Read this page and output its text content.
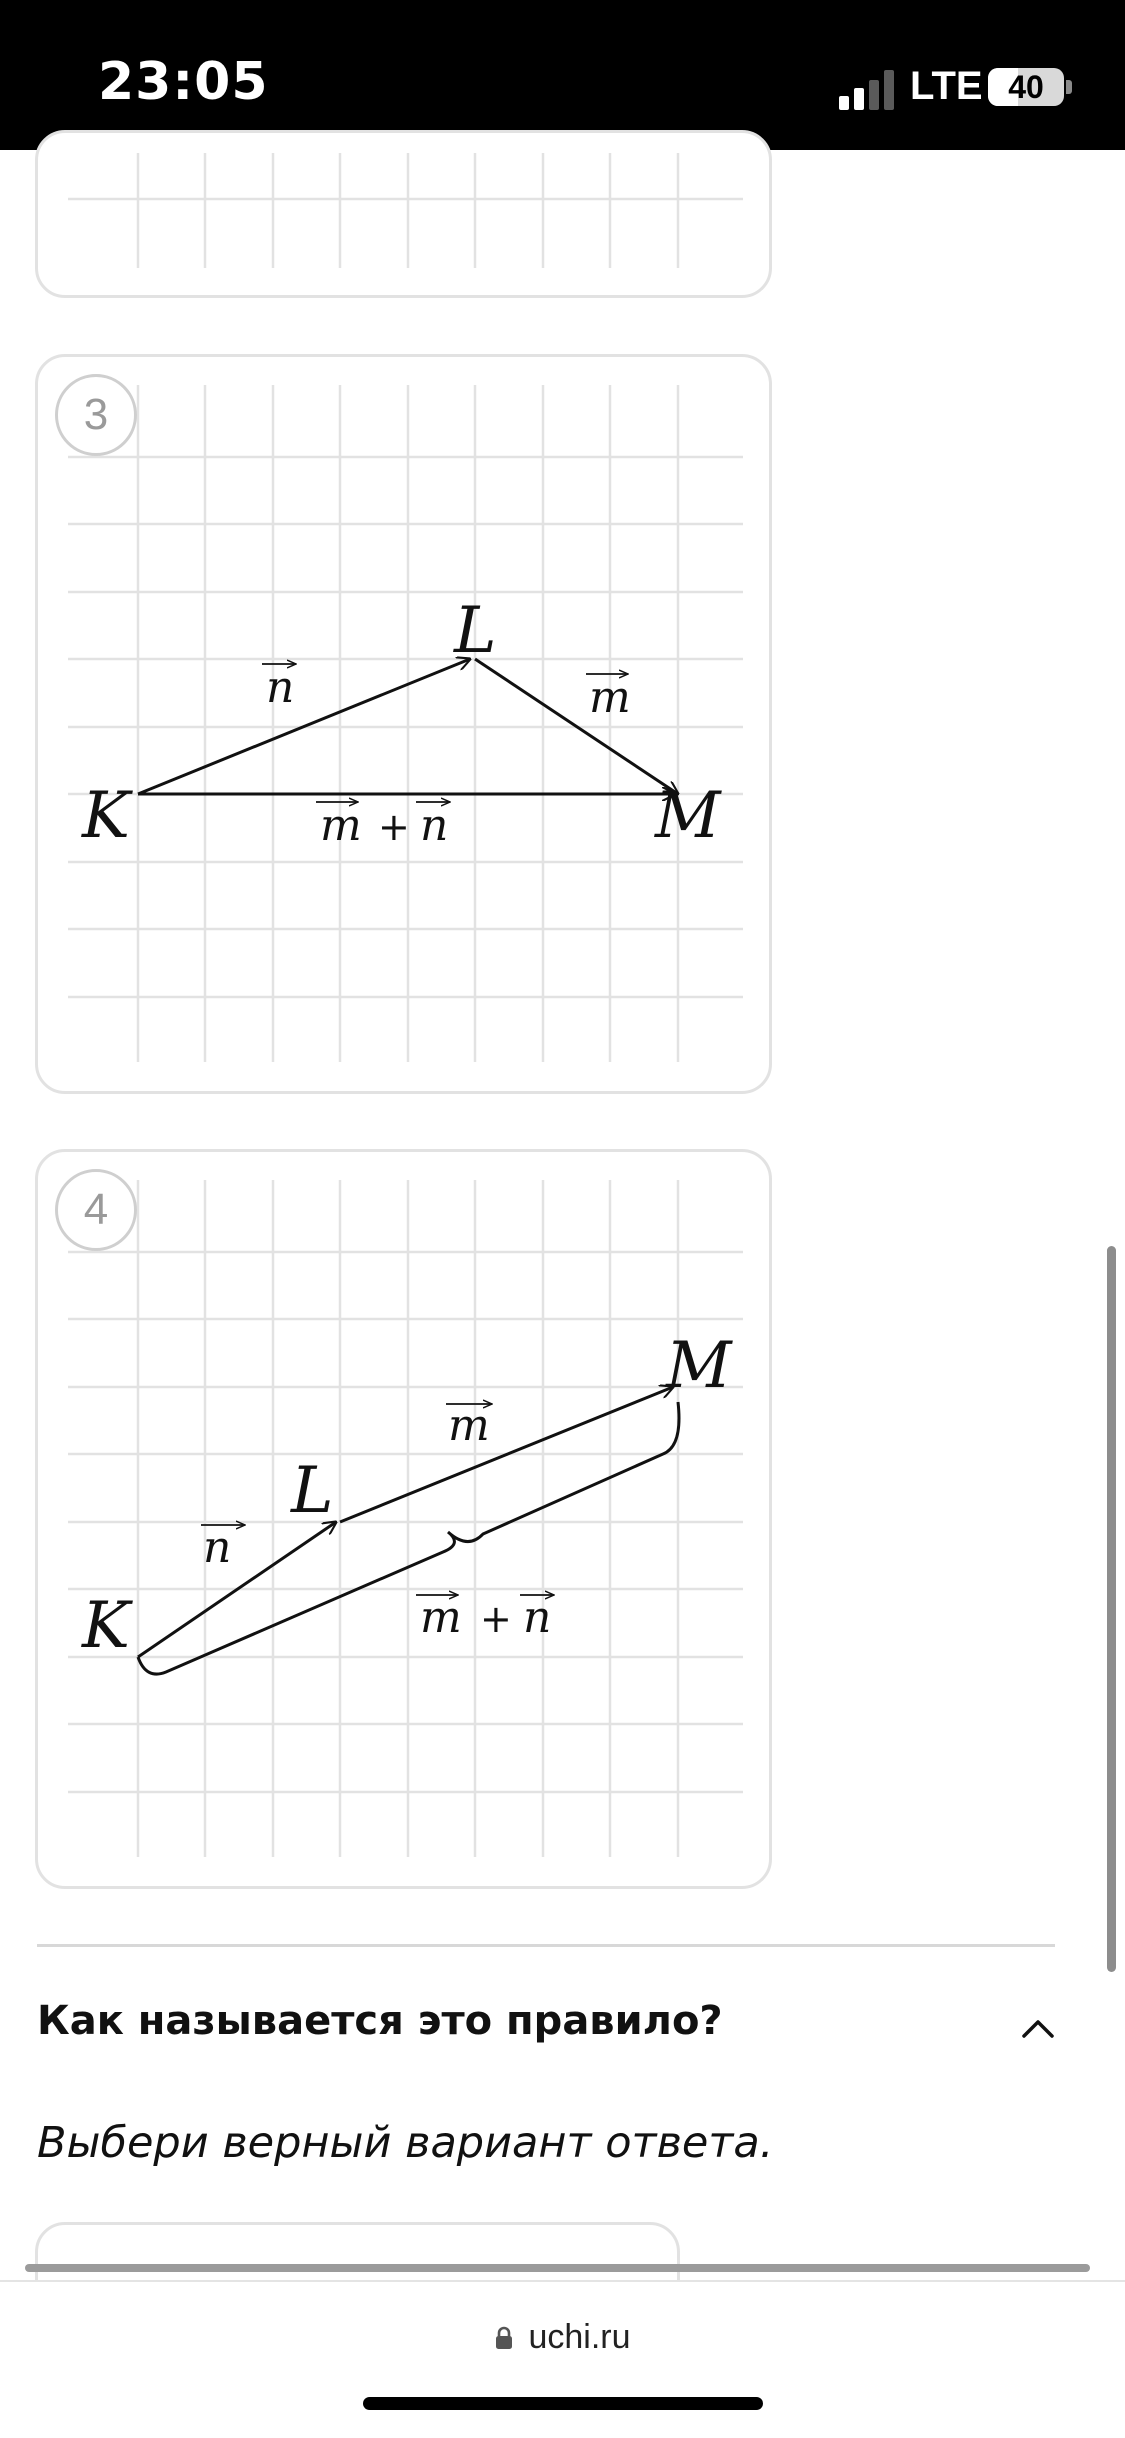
23:05	LTE 40
K
L
M
n	m
m + n
3
K
L
M
n
m
m + n
4
Как называется это правило?
Выбери верный вариант ответа.
uchi.ru
